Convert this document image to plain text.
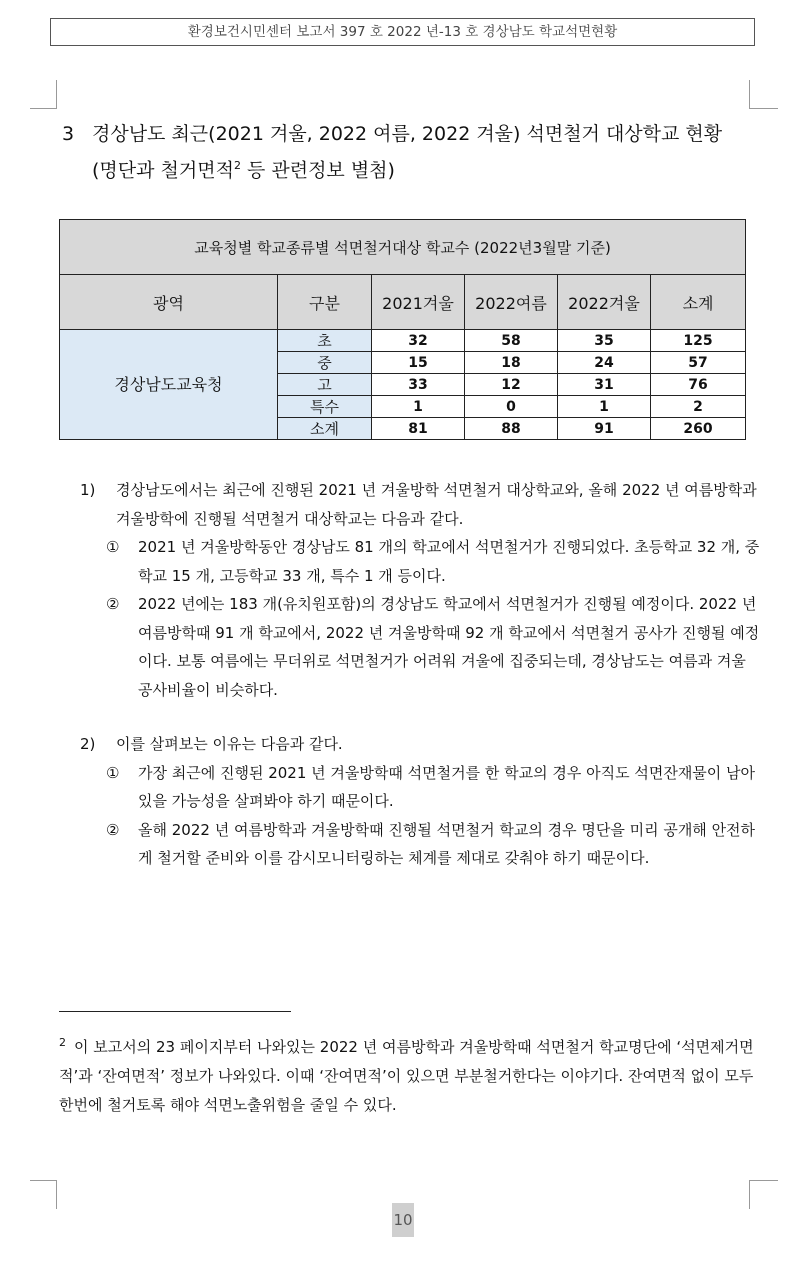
환경보건시민센터 보고서 397 호 2022 년-13 호 경상남도 학교석면현황
3 경상남도 최근(2021 겨울, 2022 여름, 2022 겨울) 석면철거 대상학교 현황
(명단과 철거면적$^2$ 등 관련정보 별첨)
교육청별 학교종류별 석면철거대상 학교수 (2022년3월말 기준)					
광역	구분	2021겨울	2022여름	2022겨울	소계
경상남도교육청	초	32	58	35	125
	중	15	18	24	57
	고	33	12	31	76
	특수	1	0	1	2
	소계	81	88	91	260
1) 경상남도에서는 최근에 진행된 2021 년 겨울방학 석면철거 대상학교와, 올해 2022 년 여름방학과 겨울방학에 진행될 석면철거 대상학교는 다음과 같다.
① 2021 년 겨울방학동안 경상남도 81 개의 학교에서 석면철거가 진행되었다. 초등학교 32 개, 중학교 15 개, 고등학교 33 개, 특수 1 개 등이다.
② 2022 년에는 183 개(유치원포함)의 경상남도 학교에서 석면철거가 진행될 예정이다. 2022 년 여름방학때 91 개 학교에서, 2022 년 겨울방학때 92 개 학교에서 석면철거 공사가 진행될 예정이다. 보통 여름에는 무더위로 석면철거가 어려워 겨울에 집중되는데, 경상남도는 여름과 겨울 공사비율이 비슷하다.
2) 이를 살펴보는 이유는 다음과 같다.
① 가장 최근에 진행된 2021 년 겨울방학때 석면철거를 한 학교의 경우 아직도 석면잔재물이 남아있을 가능성을 살펴봐야 하기 때문이다.
② 올해 2022 년 여름방학과 겨울방학때 진행될 석면철거 학교의 경우 명단을 미리 공개해 안전하게 철거할 준비와 이를 감시모니터링하는 체계를 제대로 갖춰야 하기 때문이다.
$^2$ 이 보고서의 23 페이지부터 나와있는 2022 년 여름방학과 겨울방학때 석면철거 학교명단에 ‘석면제거면적’과 ‘잔여면적’ 정보가 나와있다. 이때 ‘잔여면적’이 있으면 부분철거한다는 이야기다. 잔여면적 없이 모두 한번에 철거토록 해야 석면노출위험을 줄일 수 있다.
10
